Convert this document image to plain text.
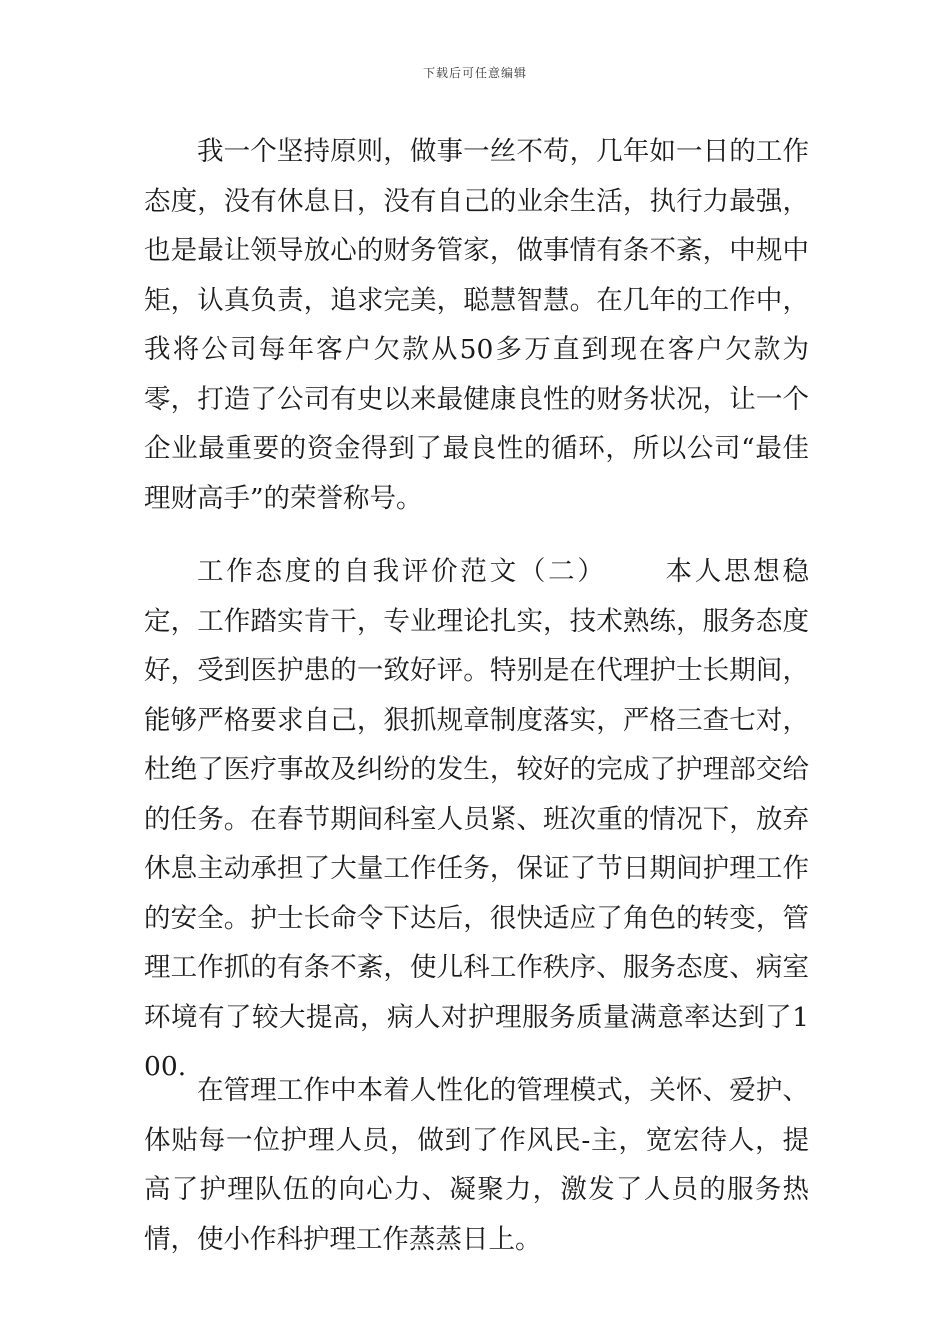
下载后可任意编辑

我一个坚持原则，做事一丝不苟，几年如一日的工作态度，没有休息日，没有自己的业余生活，执行力最强，也是最让领导放心的财务管家，做事情有条不紊，中规中矩，认真负责，追求完美，聪慧智慧。在几年的工作中，我将公司每年客户欠款从50多万直到现在客户欠款为零，打造了公司有史以来最健康良性的财务状况，让一个企业最重要的资金得到了最良性的循环，所以公司“最佳理财高手”的荣誉称号。

工作态度的自我评价范文（二） 本人思想稳定，工作踏实肯干，专业理论扎实，技术熟练，服务态度好，受到医护患的一致好评。特别是在代理护士长期间，能够严格要求自己，狠抓规章制度落实，严格三查七对，杜绝了医疗事故及纠纷的发生，较好的完成了护理部交给的任务。在春节期间科室人员紧、班次重的情况下，放弃休息主动承担了大量工作任务，保证了节日期间护理工作的安全。护士长命令下达后，很快适应了角色的转变，管理工作抓的有条不紊，使儿科工作秩序、服务态度、病室环境有了较大提高，病人对护理服务质量满意率达到了100.

在管理工作中本着人性化的管理模式，关怀、爱护、体贴每一位护理人员，做到了作风民-主，宽宏待人，提高了护理队伍的向心力、凝聚力，激发了人员的服务热情，使小作科护理工作蒸蒸日上。
